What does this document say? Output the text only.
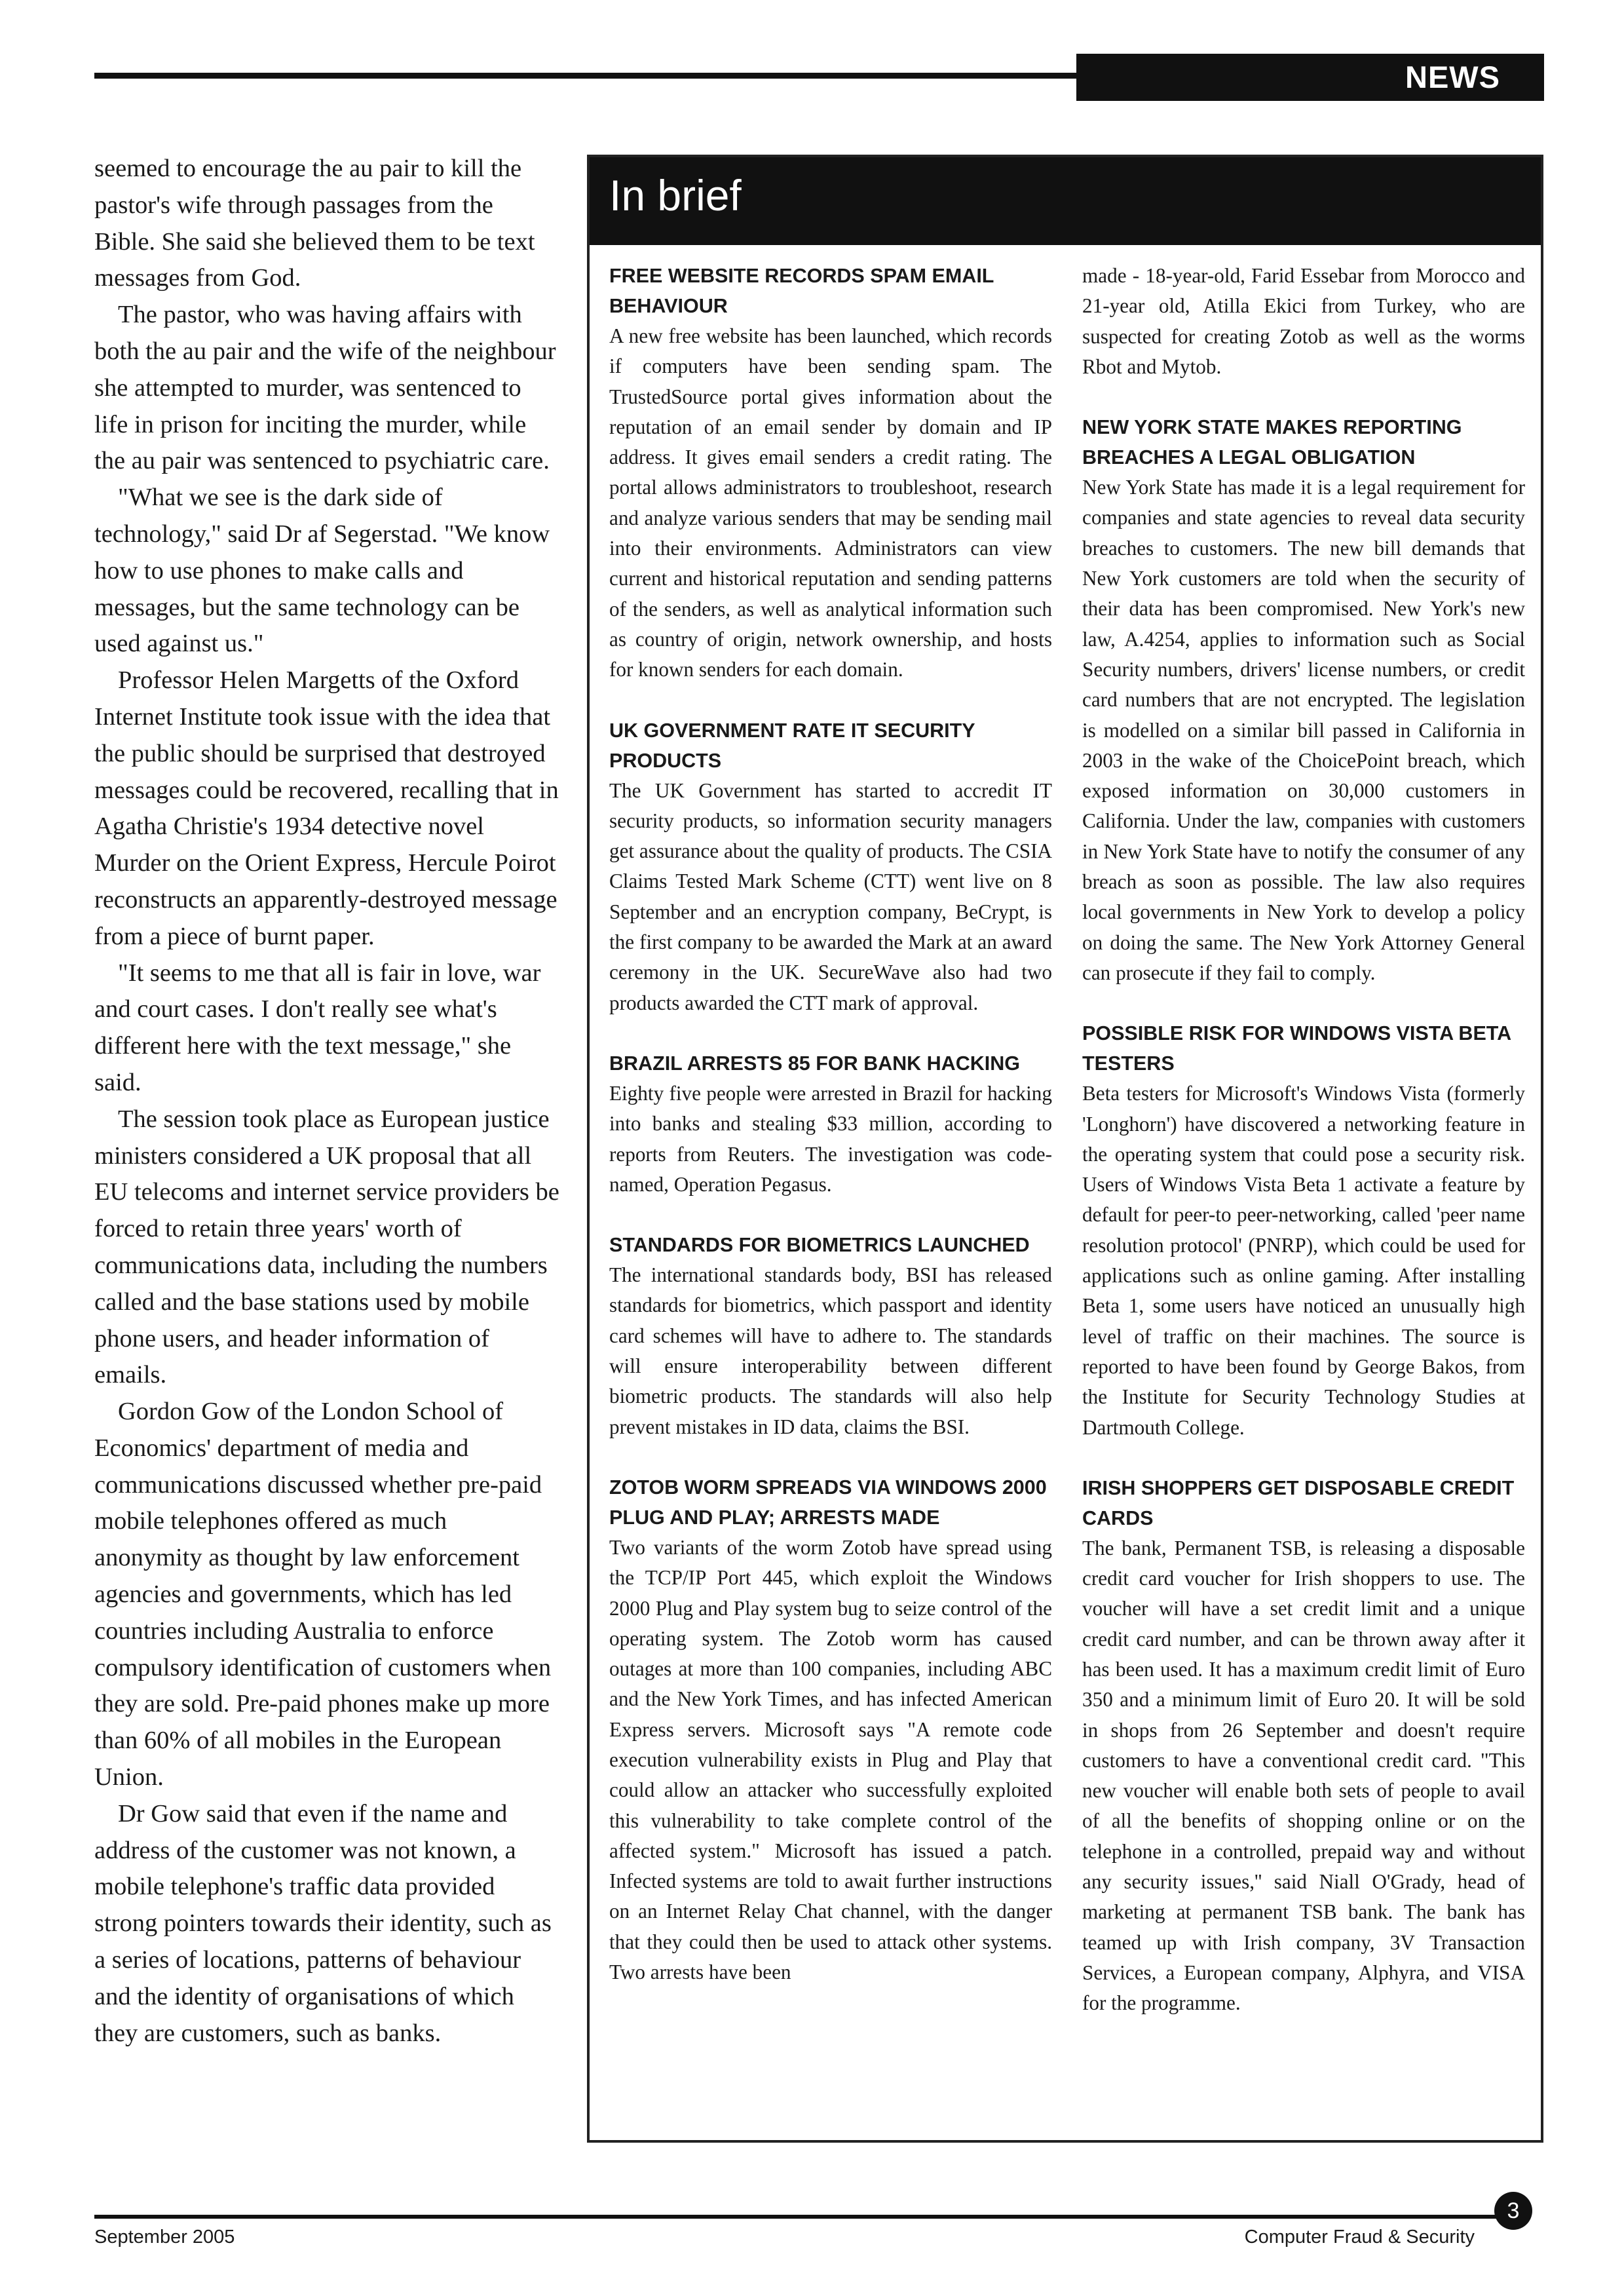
NEWS

seemed to encourage the au pair to kill the pastor's wife through passages from the Bible. She said she believed them to be text messages from God.

The pastor, who was having affairs with both the au pair and the wife of the neighbour she attempted to murder, was sentenced to life in prison for inciting the murder, while the au pair was sentenced to psychiatric care.

"What we see is the dark side of technology," said Dr af Segerstad. "We know how to use phones to make calls and messages, but the same technology can be used against us."

Professor Helen Margetts of the Oxford Internet Institute took issue with the idea that the public should be surprised that destroyed messages could be recovered, recalling that in Agatha Christie's 1934 detective novel Murder on the Orient Express, Hercule Poirot reconstructs an apparently-destroyed message from a piece of burnt paper.

"It seems to me that all is fair in love, war and court cases. I don't really see what's different here with the text message," she said.

The session took place as European justice ministers considered a UK proposal that all EU telecoms and internet service providers be forced to retain three years' worth of communications data, including the numbers called and the base stations used by mobile phone users, and header information of emails.

Gordon Gow of the London School of Economics' department of media and communications discussed whether pre-paid mobile telephones offered as much anonymity as thought by law enforcement agencies and governments, which has led countries including Australia to enforce compulsory identification of customers when they are sold. Pre-paid phones make up more than 60% of all mobiles in the European Union.

Dr Gow said that even if the name and address of the customer was not known, a mobile telephone's traffic data provided strong pointers towards their identity, such as a series of locations, patterns of behaviour and the identity of organisations of which they are customers, such as banks.

In brief
FREE WEBSITE RECORDS SPAM EMAIL BEHAVIOUR

A new free website has been launched, which records if computers have been sending spam. The TrustedSource portal gives information about the reputation of an email sender by domain and IP address. It gives email senders a credit rating. The portal allows administrators to troubleshoot, research and analyze various senders that may be sending mail into their environments. Administrators can view current and historical reputation and sending patterns of the senders, as well as analytical information such as country of origin, network ownership, and hosts for known senders for each domain.

UK GOVERNMENT RATE IT SECURITY PRODUCTS

The UK Government has started to accredit IT security products, so information security managers get assurance about the quality of products. The CSIA Claims Tested Mark Scheme (CTT) went live on 8 September and an encryption company, BeCrypt, is the first company to be awarded the Mark at an award ceremony in the UK. SecureWave also had two products awarded the CTT mark of approval.

BRAZIL ARRESTS 85 FOR BANK HACKING

Eighty five people were arrested in Brazil for hacking into banks and stealing $33 million, according to reports from Reuters. The investigation was code-named, Operation Pegasus.

STANDARDS FOR BIOMETRICS LAUNCHED

The international standards body, BSI has released standards for biometrics, which passport and identity card schemes will have to adhere to. The standards will ensure interoperability between different biometric products. The standards will also help prevent mistakes in ID data, claims the BSI.

ZOTOB WORM SPREADS VIA WINDOWS 2000 PLUG AND PLAY; ARRESTS MADE

Two variants of the worm Zotob have spread using the TCP/IP Port 445, which exploit the Windows 2000 Plug and Play system bug to seize control of the operating system. The Zotob worm has caused outages at more than 100 companies, including ABC and the New York Times, and has infected American Express servers. Microsoft says "A remote code execution vulnerability exists in Plug and Play that could allow an attacker who successfully exploited this vulnerability to take complete control of the affected system." Microsoft has issued a patch. Infected systems are told to await further instructions on an Internet Relay Chat channel, with the danger that they could then be used to attack other systems. Two arrests have been

made - 18-year-old, Farid Essebar from Morocco and 21-year old, Atilla Ekici from Turkey, who are suspected for creating Zotob as well as the worms Rbot and Mytob.

NEW YORK STATE MAKES REPORTING BREACHES A LEGAL OBLIGATION

New York State has made it is a legal requirement for companies and state agencies to reveal data security breaches to customers. The new bill demands that New York customers are told when the security of their data has been compromised. New York's new law, A.4254, applies to information such as Social Security numbers, drivers' license numbers, or credit card numbers that are not encrypted. The legislation is modelled on a similar bill passed in California in 2003 in the wake of the ChoicePoint breach, which exposed information on 30,000 customers in California. Under the law, companies with customers in New York State have to notify the consumer of any breach as soon as possible. The law also requires local governments in New York to develop a policy on doing the same. The New York Attorney General can prosecute if they fail to comply.

POSSIBLE RISK FOR WINDOWS VISTA BETA TESTERS

Beta testers for Microsoft's Windows Vista (formerly 'Longhorn') have discovered a networking feature in the operating system that could pose a security risk. Users of Windows Vista Beta 1 activate a feature by default for peer-to peer-networking, called 'peer name resolution protocol' (PNRP), which could be used for applications such as online gaming. After installing Beta 1, some users have noticed an unusually high level of traffic on their machines. The source is reported to have been found by George Bakos, from the Institute for Security Technology Studies at Dartmouth College.

IRISH SHOPPERS GET DISPOSABLE CREDIT CARDS

The bank, Permanent TSB, is releasing a disposable credit card voucher for Irish shoppers to use. The voucher will have a set credit limit and a unique credit card number, and can be thrown away after it has been used. It has a maximum credit limit of Euro 350 and a minimum limit of Euro 20. It will be sold in shops from 26 September and doesn't require customers to have a conventional credit card. "This new voucher will enable both sets of people to avail of all the benefits of shopping online or on the telephone in a controlled, prepaid way and without any security issues,'' said Niall O'Grady, head of marketing at permanent TSB bank. The bank has teamed up with Irish company, 3V Transaction Services, a European company, Alphyra, and VISA for the programme.

3
September 2005	Computer Fraud & Security
